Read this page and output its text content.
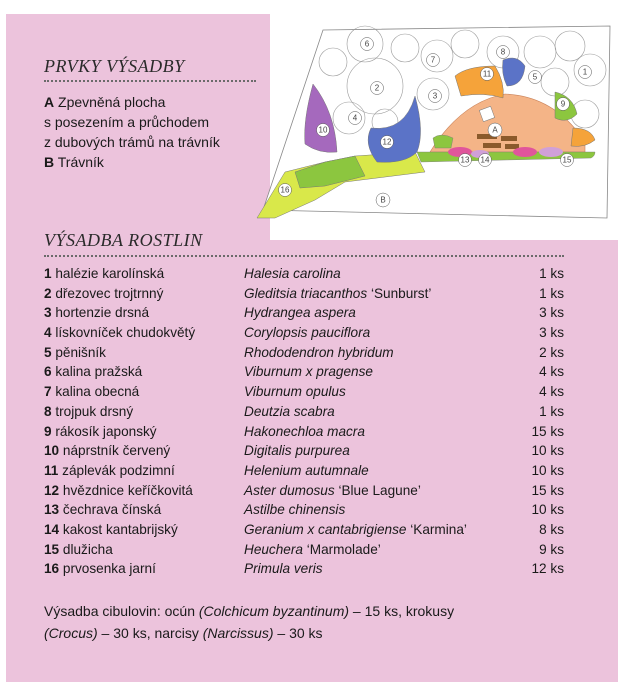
PRVKY VÝSADBY
A Zpevněná plocha
s posezením a průchodem
z dubových trámů na trávník
B Trávník
1
2
3
4
5
6
7
8
9
10
11
12
13 14	15
16
A
B
VÝSADBA ROSTLIN
1 halézie karolínská	Halesia carolina	1 ks
2 dřezovec trojtrnný	Gleditsia triacanthos ‘Sunburst’	1 ks
3 hortenzie drsná	Hydrangea aspera	3 ks
4 lískovníček chudokvětý	Corylopsis pauciflora	3 ks
5 pěnišník	Rhododendron hybridum	2 ks
6 kalina pražská	Viburnum x pragense	4 ks
7 kalina obecná	Viburnum opulus	4 ks
8 trojpuk drsný	Deutzia scabra	1 ks
9 rákosík japonský	Hakonechloa macra	15 ks
10 náprstník červený	Digitalis purpurea	10 ks
11 záplevák podzimní	Helenium autumnale	10 ks
12 hvězdnice keříčkovitá	Aster dumosus ‘Blue Lagune’	15 ks
13 čechrava čínská	Astilbe chinensis	10 ks
14 kakost kantabrijský	Geranium x cantabrigiense ‘Karmina’	8 ks
15 dlužicha	Heuchera ‘Marmolade’	9 ks
16 prvosenka jarní	Primula veris	12 ks
Výsadba cibulovin: ocún (Colchicum byzantinum) – 15 ks, krokusy
(Crocus) – 30 ks, narcisy (Narcissus) – 30 ks
